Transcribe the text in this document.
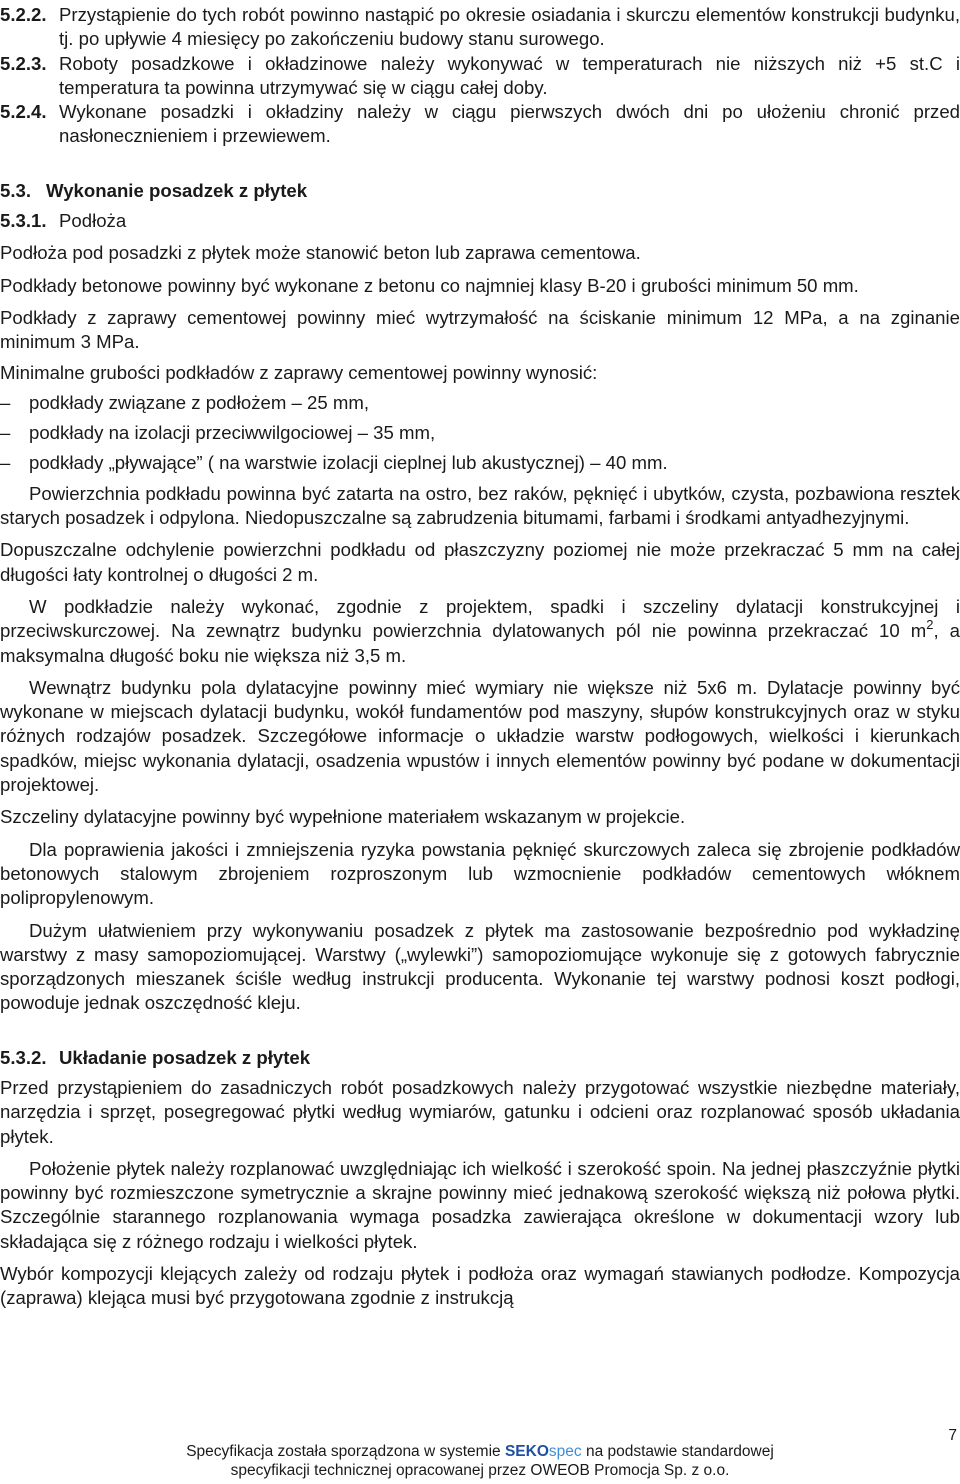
5.2.2. Przystąpienie do tych robót powinno nastąpić po okresie osiadania i skurczu elementów konstrukcji budynku, tj. po upływie 4 miesięcy po zakończeniu budowy stanu surowego.
5.2.3. Roboty posadzkowe i okładzinowe należy wykonywać w temperaturach nie niższych niż +5 st.C i temperatura ta powinna utrzymywać się w ciągu całej doby.
5.2.4. Wykonane posadzki i okładziny należy w ciągu pierwszych dwóch dni po ułożeniu chronić przed nasłonecznieniem i przewiewem.
5.3. Wykonanie posadzek z płytek
5.3.1. Podłoża

Podłoża pod posadzki z płytek może stanowić beton lub zaprawa cementowa.

Podkłady betonowe powinny być wykonane z betonu co najmniej klasy B-20 i grubości minimum 50 mm.

Podkłady z zaprawy cementowej powinny mieć wytrzymałość na ściskanie minimum 12 MPa, a na zginanie minimum 3 MPa.

Minimalne grubości podkładów z zaprawy cementowej powinny wynosić:

–	podkłady związane z podłożem – 25 mm,
–	podkłady na izolacji przeciwwilgociowej – 35 mm,
–	podkłady „pływające” ( na warstwie izolacji cieplnej lub akustycznej) – 40 mm.

Powierzchnia podkładu powinna być zatarta na ostro, bez raków, pęknięć i ubytków, czysta, pozbawiona resztek starych posadzek i odpylona. Niedopuszczalne są zabrudzenia bitumami, farbami i środkami antyadhezyjnymi.

Dopuszczalne odchylenie powierzchni podkładu od płaszczyzny poziomej nie może przekraczać 5 mm na całej długości łaty kontrolnej o długości 2 m.

W podkładzie należy wykonać, zgodnie z projektem, spadki i szczeliny dylatacji konstrukcyjnej i przeciwskurczowej. Na zewnątrz budynku powierzchnia dylatowanych pól nie powinna przekraczać 10 $m^2$, a maksymalna długość boku nie większa niż 3,5 m.

Wewnątrz budynku pola dylatacyjne powinny mieć wymiary nie większe niż 5x6 m. Dylatacje powinny być wykonane w miejscach dylatacji budynku, wokół fundamentów pod maszyny, słupów konstrukcyjnych oraz w styku różnych rodzajów posadzek. Szczegółowe informacje o układzie warstw podłogowych, wielkości i kierunkach spadków, miejsc wykonania dylatacji, osadzenia wpustów i innych elementów powinny być podane w dokumentacji projektowej.

Szczeliny dylatacyjne powinny być wypełnione materiałem wskazanym w projekcie.

Dla poprawienia jakości i zmniejszenia ryzyka powstania pęknięć skurczowych zaleca się zbrojenie podkładów betonowych stalowym zbrojeniem rozproszonym lub wzmocnienie podkładów cementowych włóknem polipropylenowym.

Dużym ułatwieniem przy wykonywaniu posadzek z płytek ma zastosowanie bezpośrednio pod wykładzinę warstwy z masy samopoziomującej. Warstwy („wylewki”) samopoziomujące wykonuje się z gotowych fabrycznie sporządzonych mieszanek ściśle według instrukcji producenta. Wykonanie tej warstwy podnosi koszt podłogi, powoduje jednak oszczędność kleju.

5.3.2. Układanie posadzek z płytek

Przed przystąpieniem do zasadniczych robót posadzkowych należy przygotować wszystkie niezbędne materiały, narzędzia i sprzęt, posegregować płytki według wymiarów, gatunku i odcieni oraz rozplanować sposób układania płytek.

Położenie płytek należy rozplanować uwzględniając ich wielkość i szerokość spoin. Na jednej płaszczyźnie płytki powinny być rozmieszczone symetrycznie a skrajne powinny mieć jednakową szerokość większą niż połowa płytki. Szczególnie starannego rozplanowania wymaga posadzka zawierająca określone w dokumentacji wzory lub składająca się z różnego rodzaju i wielkości płytek.

Wybór kompozycji klejących zależy od rodzaju płytek i podłoża oraz wymagań stawianych podłodze. Kompozycja (zaprawa) klejąca musi być przygotowana zgodnie z instrukcją

7
Specyfikacja została sporządzona w systemie SEKOspec na podstawie standardowej
specyfikacji technicznej opracowanej przez OWEOB Promocja Sp. z o.o.
